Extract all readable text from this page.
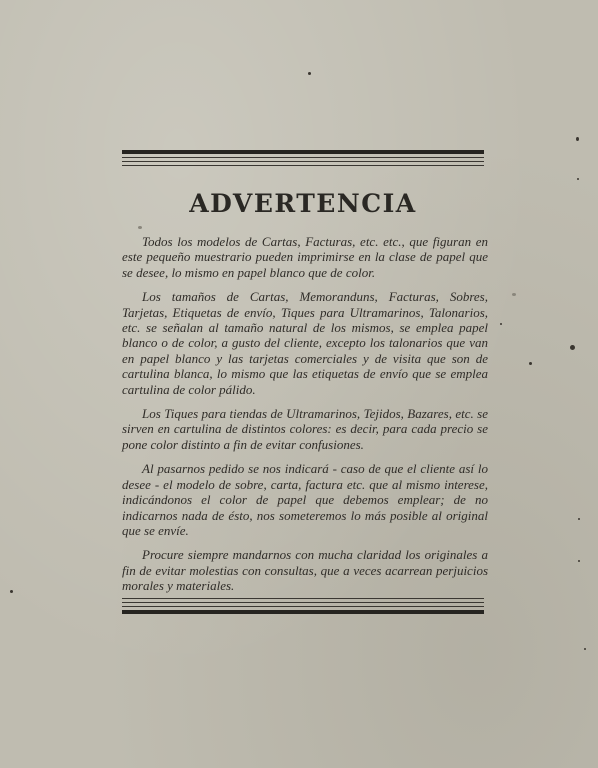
ADVERTENCIA

Todos los modelos de Cartas, Facturas, etc. etc., que figuran en este pequeño muestrario pueden imprimirse en la clase de papel que se desee, lo mismo en papel blanco que de color.

Los tamaños de Cartas, Memoranduns, Facturas, Sobres, Tarjetas, Etiquetas de envío, Tiques para Ultramarinos, Talonarios, etc. se señalan al tamaño natural de los mismos, se emplea papel blanco o de color, a gusto del cliente, excepto los talonarios que van en papel blanco y las tarjetas comerciales y de visita que son de cartulina blanca, lo mismo que las etiquetas de envío que se emplea cartulina de color pálido.

Los Tiques para tiendas de Ultramarinos, Tejidos, Bazares, etc. se sirven en cartulina de distintos colores: es decir, para cada precio se pone color distinto a fin de evitar confusiones.

Al pasarnos pedido se nos indicará - caso de que el cliente así lo desee - el modelo de sobre, carta, factura etc. que al mismo interese, indicándonos el color de papel que debemos emplear; de no indicarnos nada de ésto, nos someteremos lo más posible al original que se envíe.

Procure siempre mandarnos con mucha claridad los originales a fin de evitar molestias con consultas, que a veces acarrean perjuicios morales y materiales.
